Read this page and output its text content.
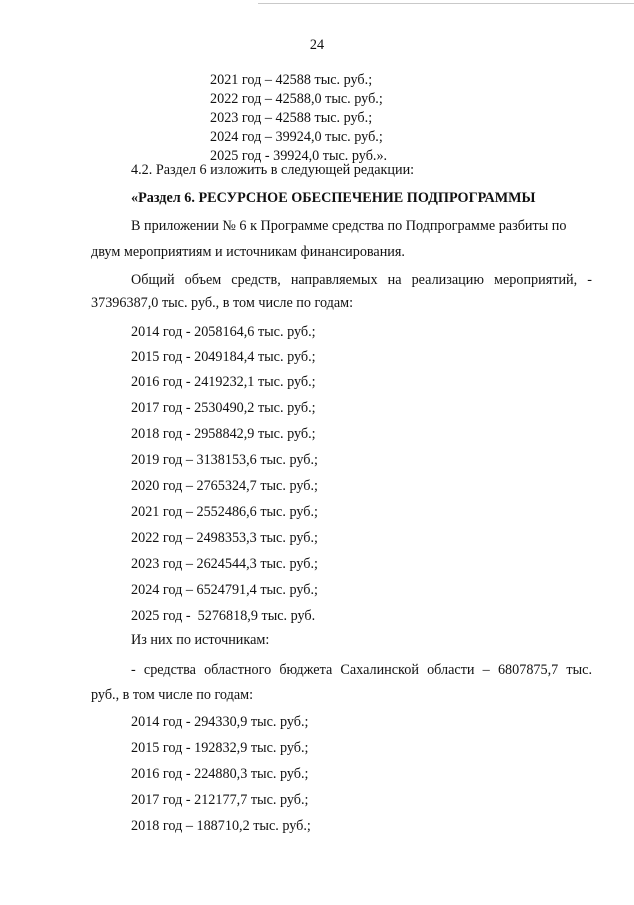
24
2021 год – 42588 тыс. руб.;
2022 год – 42588,0 тыс. руб.;
2023 год – 42588 тыс. руб.;
2024 год – 39924,0 тыс. руб.;
2025 год - 39924,0 тыс. руб.».
4.2. Раздел 6 изложить в следующей редакции:
«Раздел 6. РЕСУРСНОЕ ОБЕСПЕЧЕНИЕ ПОДПРОГРАММЫ
В приложении № 6 к Программе средства по Подпрограмме разбиты по
двум мероприятиям и источникам финансирования.
Общий объем средств, направляемых на реализацию мероприятий, -
37396387,0 тыс. руб., в том числе по годам:
2014 год - 2058164,6 тыс. руб.;
2015 год - 2049184,4 тыс. руб.;
2016 год - 2419232,1 тыс. руб.;
2017 год - 2530490,2 тыс. руб.;
2018 год - 2958842,9 тыс. руб.;
2019 год – 3138153,6 тыс. руб.;
2020 год – 2765324,7 тыс. руб.;
2021 год – 2552486,6 тыс. руб.;
2022 год – 2498353,3 тыс. руб.;
2023 год – 2624544,3 тыс. руб.;
2024 год – 6524791,4 тыс. руб.;
2025 год -  5276818,9 тыс. руб.
Из них по источникам:
- средства областного бюджета Сахалинской области – 6807875,7 тыс.
руб., в том числе по годам:
2014 год - 294330,9 тыс. руб.;
2015 год - 192832,9 тыс. руб.;
2016 год - 224880,3 тыс. руб.;
2017 год - 212177,7 тыс. руб.;
2018 год – 188710,2 тыс. руб.;
